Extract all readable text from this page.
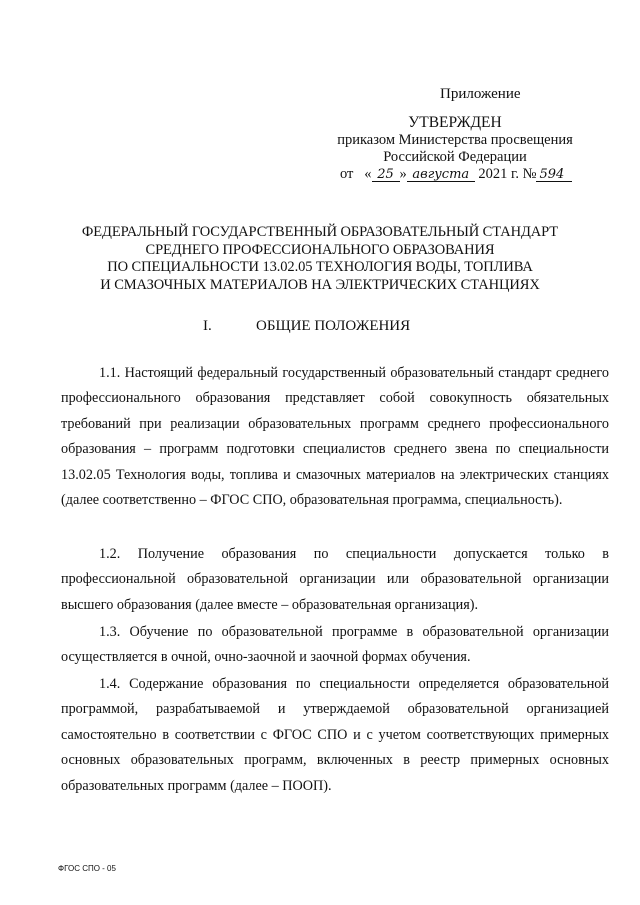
Приложение
УТВЕРЖДЕН
приказом Министерства просвещения
Российской Федерации
от   « 25 » августа 2021 г. № 594
ФЕДЕРАЛЬНЫЙ ГОСУДАРСТВЕННЫЙ ОБРАЗОВАТЕЛЬНЫЙ СТАНДАРТ
СРЕДНЕГО ПРОФЕССИОНАЛЬНОГО ОБРАЗОВАНИЯ
ПО СПЕЦИАЛЬНОСТИ 13.02.05 ТЕХНОЛОГИЯ ВОДЫ, ТОПЛИВА
И СМАЗОЧНЫХ МАТЕРИАЛОВ НА ЭЛЕКТРИЧЕСКИХ СТАНЦИЯХ
I.	ОБЩИЕ ПОЛОЖЕНИЯ

1.1. Настоящий федеральный государственный образовательный стандарт среднего профессионального образования представляет собой совокупность обязательных требований при реализации образовательных программ среднего профессионального образования – программ подготовки специалистов среднего звена по специальности 13.02.05 Технология воды, топлива и смазочных материалов на электрических станциях (далее соответственно – ФГОС СПО, образовательная программа, специальность).

1.2. Получение образования по специальности допускается только в профессиональной образовательной организации или образовательной организации высшего образования (далее вместе – образовательная организация).

1.3. Обучение по образовательной программе в образовательной организации осуществляется в очной, очно-заочной и заочной формах обучения.

1.4. Содержание образования по специальности определяется образовательной программой, разрабатываемой и утверждаемой образовательной организацией самостоятельно в соответствии с ФГОС СПО и с учетом соответствующих примерных основных образовательных программ, включенных в реестр примерных основных образовательных программ (далее – ПООП).

ФГОС СПО - 05
